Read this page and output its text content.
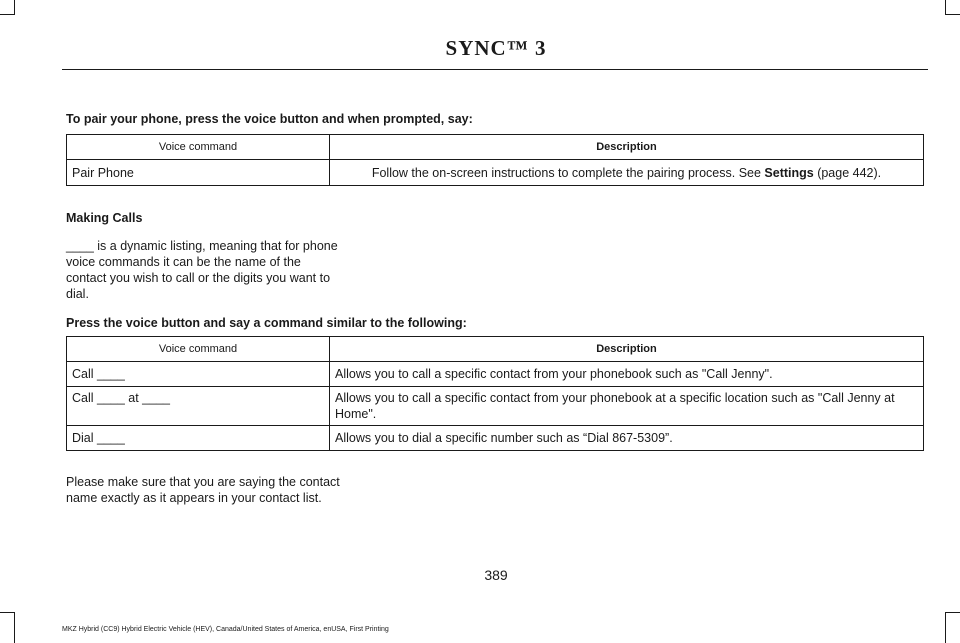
SYNC™ 3
To pair your phone, press the voice button and when prompted, say:
Voice command	Description
Pair Phone	Follow the on-screen instructions to complete the pairing process. See Settings (page 442).
Making Calls
____ is a dynamic listing, meaning that for phone voice commands it can be the name of the contact you wish to call or the digits you want to dial.
Press the voice button and say a command similar to the following:
Voice command	Description
Call ____	Allows you to call a specific contact from your phonebook such as "Call Jenny".
Call ____ at ____	Allows you to call a specific contact from your phonebook at a specific location such as "Call Jenny at Home".
Dial ____	Allows you to dial a specific number such as “Dial 867-5309”.
Please make sure that you are saying the contact name exactly as it appears in your contact list.
389
MKZ Hybrid (CC9) Hybrid Electric Vehicle (HEV), Canada/United States of America, enUSA, First Printing
